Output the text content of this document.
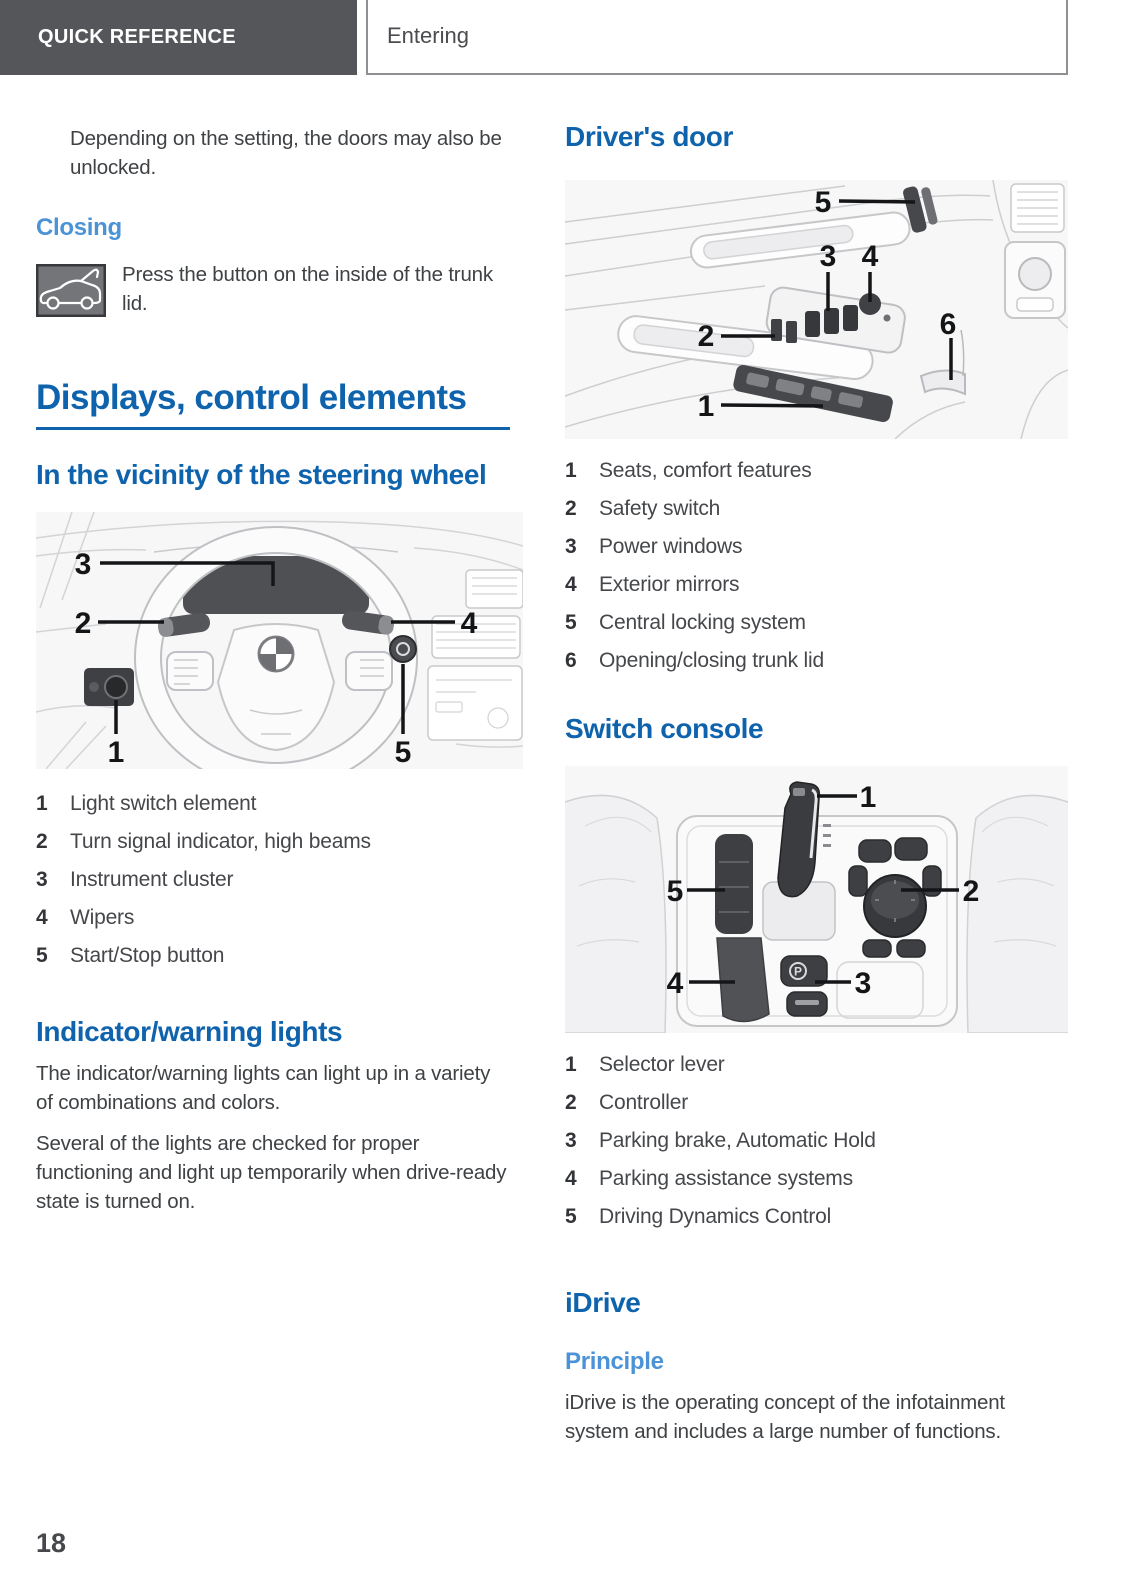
Entering
QUICK REFERENCE

Depending on the setting, the doors may also be unlocked.

Closing

Press the button on the inside of the trunk lid.

Displays, control elements
In the vicinity of the steering wheel
3
2	4
1	5
1	Light switch element
2	Turn signal indicator, high beams
3	Instrument cluster
4	Wipers
5	Start/Stop button
Indicator/warning lights

The indicator/warning lights can light up in a variety of combinations and colors.

Several of the lights are checked for proper functioning and light up temporarily when drive-ready state is turned on.

Driver's door
5
3 4
2	6
1
1	Seats, comfort features
2	Safety switch
3	Power windows
4	Exterior mirrors
5	Central locking system
6	Opening/closing trunk lid
Switch console
P
1
5	2
4	3
1	Selector lever
2	Controller
3	Parking brake, Automatic Hold
4	Parking assistance systems
5	Driving Dynamics Control
iDrive
Principle

iDrive is the operating concept of the infotainment system and includes a large number of functions.

18
